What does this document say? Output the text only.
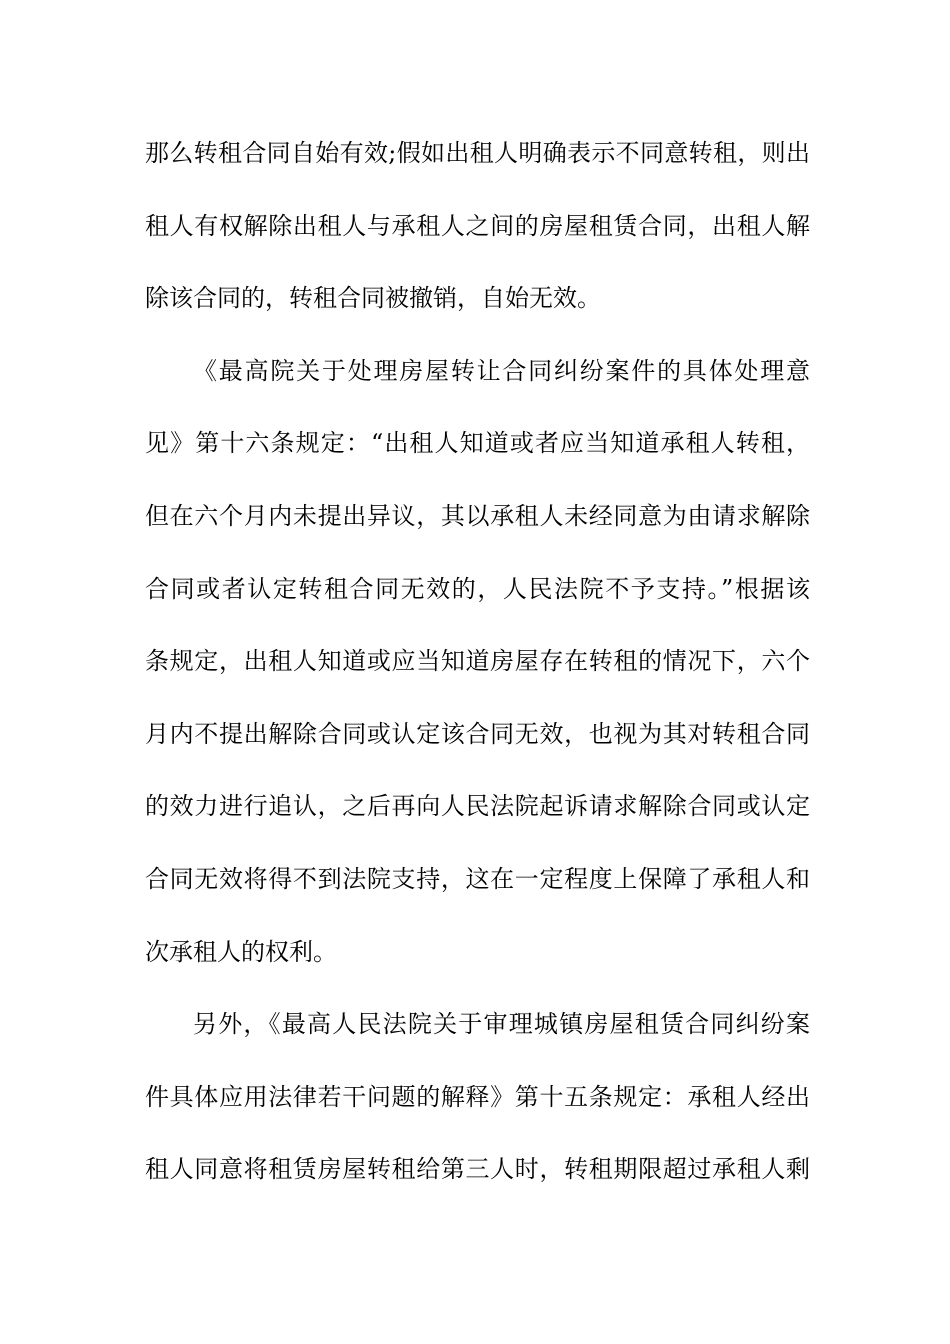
那么转租合同自始有效;假如出租人明确表示不同意转租，则出
租人有权解除出租人与承租人之间的房屋租赁合同，出租人解
除该合同的，转租合同被撤销，自始无效。
《最高院关于处理房屋转让合同纠纷案件的具体处理意
见》第十六条规定：“出租人知道或者应当知道承租人转租，
但在六个月内未提出异议，其以承租人未经同意为由请求解除
合同或者认定转租合同无效的，人民法院不予支持。”根据该
条规定，出租人知道或应当知道房屋存在转租的情况下，六个
月内不提出解除合同或认定该合同无效，也视为其对转租合同
的效力进行追认，之后再向人民法院起诉请求解除合同或认定
合同无效将得不到法院支持，这在一定程度上保障了承租人和
次承租人的权利。
另外，《最高人民法院关于审理城镇房屋租赁合同纠纷案
件具体应用法律若干问题的解释》第十五条规定：承租人经出
租人同意将租赁房屋转租给第三人时，转租期限超过承租人剩
